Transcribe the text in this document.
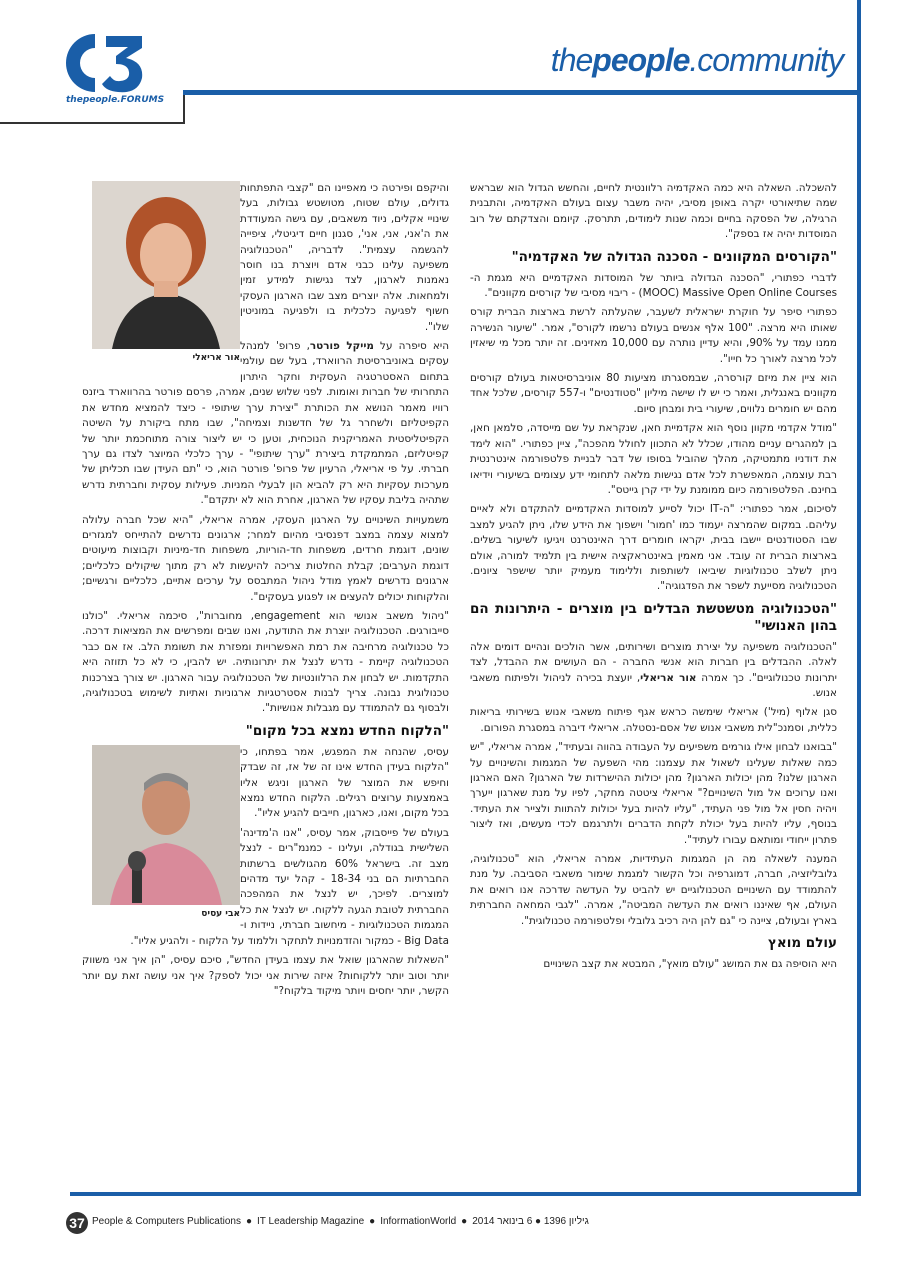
thepeople.FORUMS
thepeople.community

להשכלה. השאלה היא כמה האקדמיה רלוונטית לחיים, והחשש הגדול הוא שבראש שמה שתיאורטי יקרה באופן מסיבי, יהיה משבר עצום בעולם האקדמיה, והתבנית הרגילה, של הפסקה בחיים וכמה שנות לימודים, תתרסק. קיומם והצדקתם של רוב המוסדות יהיה אז בספק".

"הקורסים המקוונים - הסכנה הגדולה של האקדמיה"

לדברי כפתורי, "הסכנה הגדולה ביותר של המוסדות האקדמיים היא מגמת ה-MOOC) Massive Open Online Courses) - ריבוי מסיבי של קורסים מקוונים".

כפתורי סיפר על חוקרת ישראלית לשעבר, שהעלתה לרשת בארצות הברית קורס שאותו היא מרצה. "100 אלף אנשים בעולם נרשמו לקורס", אמר. "שיעור הנשירה ממנו עמד על 90%, והיא עדיין נותרה עם 10,000 מאזינים. זה יותר מכל מי שיאזין לכל מרצה לאורך כל חייו".

הוא ציין את מיזם קורסרה, שבמסגרתו מציעות 80 אוניברסיטאות בעולם קורסים מקוונים באנגלית, ואמר כי יש לו שישה מיליון "סטודנטים" ו-557 קורסים, שלכל אחד מהם יש חומרים נלווים, שיעורי בית ומבחן סיום.

"מודל אקדמי מקוון נוסף הוא אקדמיית חאן, שנקראת על שם מייסדה, סלמאן חאן, בן למהגרים עניים מהודו, שכלל לא התכוון לחולל מהפכה", ציין כפתורי. "הוא לימד את דודניו מתמטיקה, מהלך שהוביל בסופו של דבר לבניית פלטפורמה אינטרנטית רבת עוצמה, המאפשרת לכל אדם נגישות מלאה לתחומי ידע עצומים בשיעורי וידיאו בחינם. הפלטפורמה כיום ממומנת על ידי קרן גייטס".

לסיכום, אמר כפתורי: "ה-IT יכול לסייע למוסדות האקדמיים להתקדם ולא לאיים עליהם. במקום שהמרצה יעמוד כמו 'חמור' וישפוך את הידע שלו, ניתן להגיע למצב שבו הסטודנטים יישבו בבית, יקראו חומרים דרך האינטרנט ויגיעו לשיעור בשלים. בארצות הברית זה עובד. אני מאמין באינטראקציה אישית בין תלמיד למורה, אולם ניתן לשלב טכנולוגיות שיביאו לשותפות וללימוד מעמיק יותר שישפר ציונים. הטכנולוגיה מסייעת לשפר את הפדגוגיה".

"הטכנולוגיה מטשטשת הבדלים בין מוצרים - היתרונות הם בהון האנושי"

"הטכנולוגיה משפיעה על יצירת מוצרים ושירותים, אשר הולכים ונהיים דומים אלה לאלה. ההבדלים בין חברות הוא אנשי החברה - הם העושים את ההבדל, לצד יתרונות טכנולוגיים". כך אמרה אור אריאלי, יועצת בכירה לניהול ולפיתוח משאבי אנוש.

סגן אלוף (מיל') אריאלי שימשה כראש אגף פיתוח משאבי אנוש בשירותי בריאות כללית, וסמנכ"לית משאבי אנוש של אסם-נסטלה. אריאלי דיברה במסגרת הפורום.

"בבואנו לבחון אילו גורמים משפיעים על העבודה בהווה ובעתיד", אמרה אריאלי, "יש כמה שאלות שעלינו לשאול את עצמנו: מהי השפעה של המגמות והשינויים על הארגון שלנו? מהן יכולות הארגון? מהן יכולות ההישרדות של הארגון? האם הארגון ואנו ערוכים אל מול השינויים?" אריאלי ציטטה מחקר, לפיו על מנת שארגון ייערך ויהיה חסין אל מול פני העתיד, "עליו להיות בעל יכולות להתוות ולצייר את העתיד. בנוסף, עליו להיות בעל יכולת לקחת הדברים ולתרגמם לכדי מעשים, ואז ליצור פתרון ייחודי ומותאם עבורו לעתיד".

המענה לשאלה מה הן המגמות העתידיות, אמרה אריאלי, הוא "טכנולוגיה, גלובליזציה, חברה, דמוגרפיה וכל הקשור למגמת שימור משאבי הסביבה. על מנת להתמודד עם השינויים הטכנולוגיים יש להביט על העדשה שדרכה אנו רואים את העולם, אף שאיננו רואים את העדשה המביטה", אמרה. "לגבי המחאה החברתית בארץ ובעולם, ציינה כי "גם להן היה רכיב גלובלי ופלטפורמה טכנולוגית".

עולם מואץ

היא הוסיפה גם את המושג "עולם מואץ", המבטא את קצב השינויים

אור אריאלי
והיקפם ופירטה כי מאפיינו הם "קצבי התפתחות גדולים, עולם שטוח, מטושטש גבולות, בעל שינויי אקלים, ניוד משאבים, עם גישה המעודדת את ה'אני, אני, אני', סגנון חיים דיגיטלי, ציפייה להגשמה עצמית". לדבריה, "הטכנולוגיה משפיעה עלינו כבני אדם ויוצרת בנו חוסר נאמנות לארגון, לצד נגישות למידע זמין ולמחאות. אלה יוצרים מצב שבו הארגון העסקי חשוף לפגיעה כלכלית בו ולפגיעה במוניטין שלו".

היא סיפרה על מייקל פורטר, פרופ' למנהל עסקים באוניברסיטת הרווארד, בעל שם עולמי בתחום האסטרטגיה העסקית וחקר היתרון התחרותי של חברות ואומות. לפני שלוש שנים, אמרה, פרסם פורטר בהרווארד ביזנס רוויו מאמר הנושא את הכותרת "יצירת ערך שיתופי - כיצד להמציא מחדש את הקפיטליזם ולשחרר גל של חדשנות וצמיחה", שבו מתח ביקורת על השיטה הקפיטליסטית האמריקנית הנוכחית, וטען כי יש ליצור צורה מתוחכמת יותר של קפיטליזם, המתמקדת ביצירת "ערך שיתופי" - ערך כלכלי המיוצר לצדו גם ערך חברתי. על פי אריאלי, הרעיון של פרופ' פורטר הוא, כי "תם העידן שבו תכליתן של מערכות עסקיות היא רק להביא הון לבעלי המניות. פעילות עסקית וחברתית נדרש שתהיה בליבת עסקיו של הארגון, אחרת הוא לא יתקדם".

משמעויות השינויים על הארגון העסקי, אמרה אריאלי, "היא שכל חברה עלולה למצוא עצמה במצב דפנסיבי מהיום למחר; ארגונים נדרשים להתייחס למגזרים שונים, דוגמת חרדים, משפחות חד-הוריות, משפחות חד-מיניות וקבוצות מיעוטים דוגמת הערבים; קבלת החלטות צריכה להיעשות לא רק מתוך שיקולים כלכליים; ארגונים נדרשים לאמץ מודל ניהול המתבסס על ערכים אתיים, כלכליים ורגשיים; והלקוחות יכולים להעצים או לפגוע בעסקים".

"ניהול משאב אנושי הוא engagement, מחוברות", סיכמה אריאלי. "כולנו סייבורגים. הטכנולוגיה יוצרת את התודעה, ואנו שבים ומפרשים את המציאות דרכה. כל טכנולוגיה מרחיבה את רמת האפשרויות ומפזרת את תשומת הלב. אז אם כבר הטכנולוגיה קיימת - נדרש לנצל את יתרונותיה. יש להבין, כי לא כל תזוזה היא התקדמות. יש לבחון את הרלוונטיות של הטכנולוגיה עבור הארגון. יש צורך בצרכנות טכנולוגית נבונה. צריך לבנות אסטרטגיות ארגוניות ואתיות לשימוש בטכנולוגיה, ולבסוף גם להתמודד עם מגבלות אנושיות".

"הלקוח החדש נמצא בכל מקום"

אבי עסיס
עסיס, שהנחה את המפגש, אמר בפתחו, כי "הלקוח בעידן החדש אינו זה של אז, זה שבדק וחיפש את המוצר של הארגון וניגש אליו באמצעות ערוצים רגילים. הלקוח החדש נמצא בכל מקום, ואנו, כארגון, חייבים להגיע אליו".

בעולם של פייסבוק, אמר עסיס, "אנו ה'מדינה' השלישית בגודלה, ועלינו - כמנמ"רים - לנצל מצב זה. בישראל 60% מהגולשים ברשתות החברתיות הם בני 18-34 - קהל יעד מדהים למוצרים. לפיכך, יש לנצל את המהפכה החברתית לטובת הגעה ללקוח. יש לנצל את כל המגמות הטכנולוגיות - מיחשוב חברתי, ניידות ו-Big Data - כמקור והזדמנויות לתחקר וללמוד על הלקוח - ולהגיע אליו".

"השאלות שהארגון שואל את עצמו בעידן החדש", סיכם עסיס, "הן איך אני משווק יותר וטוב יותר ללקוחות? איזה שירות אני יכול לספק? איך אני עושה זאת עם יותר הקשר, יותר יחסים ויותר מיקוד בלקוח?"

37 People & Computers Publications ● IT Leadership Magazine ● InformationWorld ● גיליון 1396 ● 6 בינואר 2014
